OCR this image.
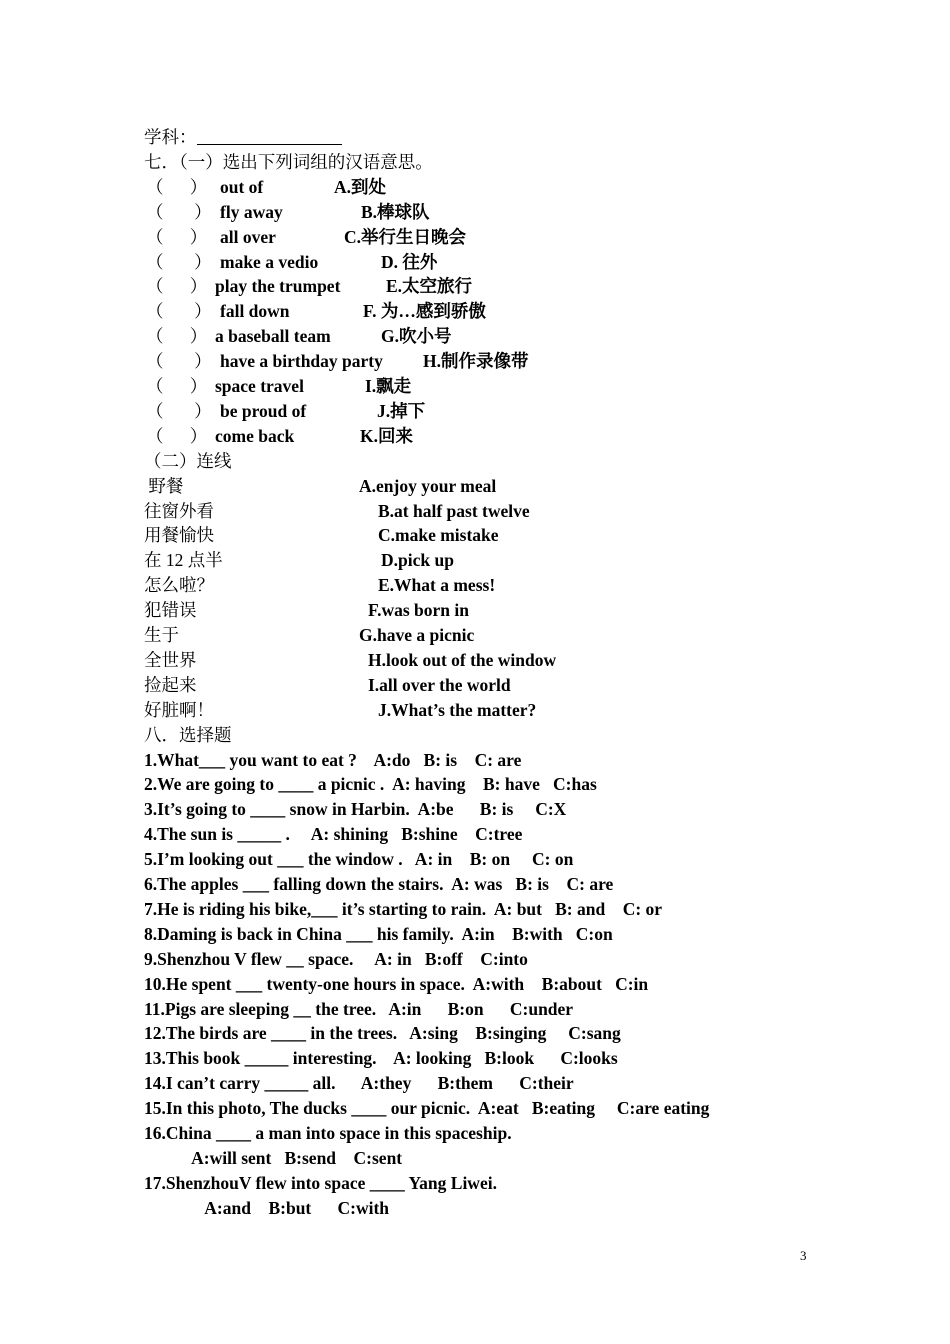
学科：
七．（一）选出下列词组的汉语意思。
（      ） out of	A.到处
（       ） fly away	B.棒球队
（      ） all over	C.举行生日晚会
（       ） make a vedio	D. 往外
（      ） play the trumpet	E.太空旅行
（       ） fall down	F. 为…感到骄傲
（      ） a baseball team	G.吹小号
（       ） have a birthday party H.制作录像带
（      ） space travel	I.飘走
（       ） be proud of	J.掉下
（      ） come back	K.回来
（二）连线
野餐	A.enjoy your meal
往窗外看	B.at half past twelve
用餐愉快	C.make mistake
在 12 点半	D.pick up
怎么啦？	E.What a mess!
犯错误	F.was born in
生于	G.have a picnic
全世界	H.look out of the window
捡起来	I.all over the world
好脏啊！	J.What’s the matter?
八．选择题
1.What___ you want to eat ?    A:do   B: is    C: are
2.We are going to ____ a picnic .  A: having    B: have   C:has
3.It’s going to ____ snow in Harbin.  A:be      B: is     C:X
4.The sun is _____ .     A: shining   B:shine    C:tree
5.I’m looking out ___ the window .   A: in    B: on     C: on
6.The apples ___ falling down the stairs.  A: was   B: is    C: are
7.He is riding his bike,___ it’s starting to rain.  A: but   B: and    C: or
8.Daming is back in China ___ his family.  A:in    B:with   C:on
9.Shenzhou V flew __ space.     A: in   B:off    C:into
10.He spent ___ twenty-one hours in space.  A:with    B:about   C:in
11.Pigs are sleeping __ the tree.   A:in      B:on      C:under
12.The birds are ____ in the trees.   A:sing    B:singing     C:sang
13.This book _____ interesting.    A: looking   B:look      C:looks
14.I can’t carry _____ all.      A:they      B:them      C:their
15.In this photo, The ducks ____ our picnic.  A:eat   B:eating     C:are eating
16.China ____ a man into space in this spaceship.
A:will sent   B:send    C:sent
17.ShenzhouV flew into space ____ Yang Liwei.
A:and    B:but      C:with
3
